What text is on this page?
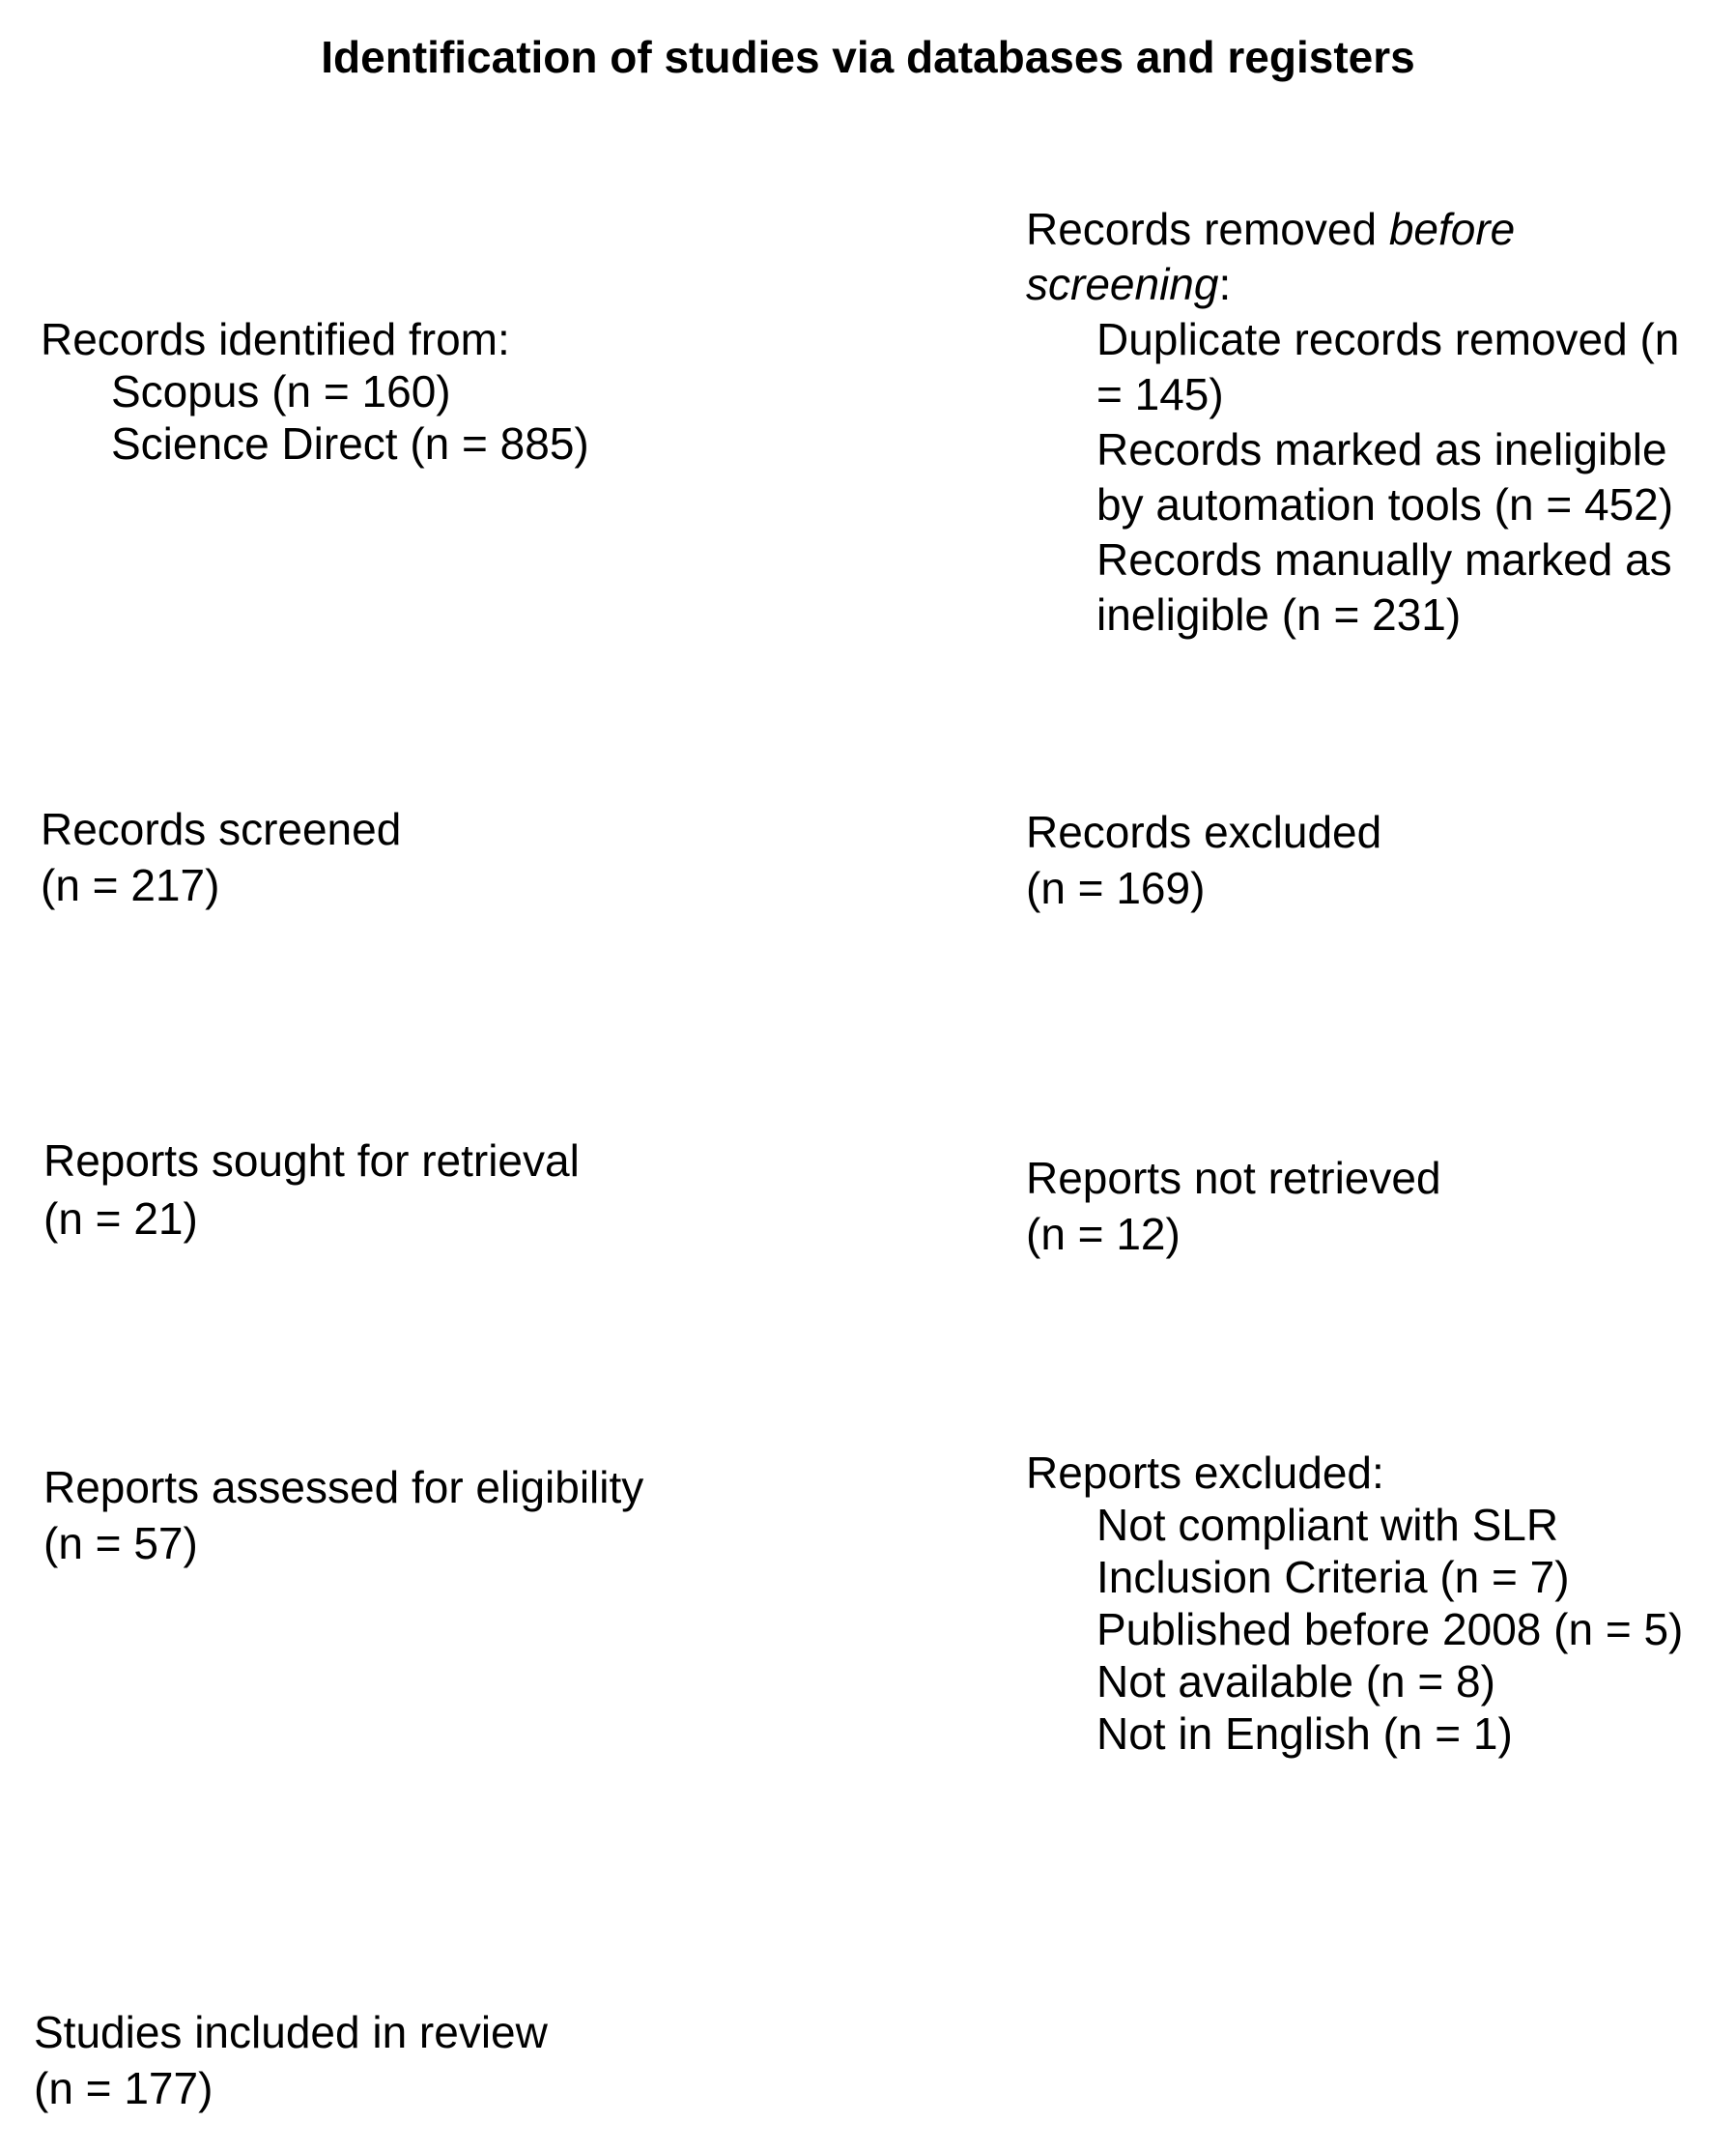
Identification of studies via databases and registers
Records identified from:
Scopus (n = 160)
Science Direct (n = 885)
Records removed before
screening:
Duplicate records removed (n
= 145)
Records marked as ineligible
by automation tools (n = 452)
Records manually marked as
ineligible (n = 231)
Records screened
(n = 217)
Records excluded
(n = 169)
Reports sought for retrieval
(n = 21)
Reports not retrieved
(n = 12)
Reports assessed for eligibility
(n = 57)
Reports excluded:
Not compliant with SLR
Inclusion Criteria (n = 7)
Published before 2008 (n = 5)
Not available (n = 8)
Not in English (n = 1)
Studies included in review
(n = 177)
